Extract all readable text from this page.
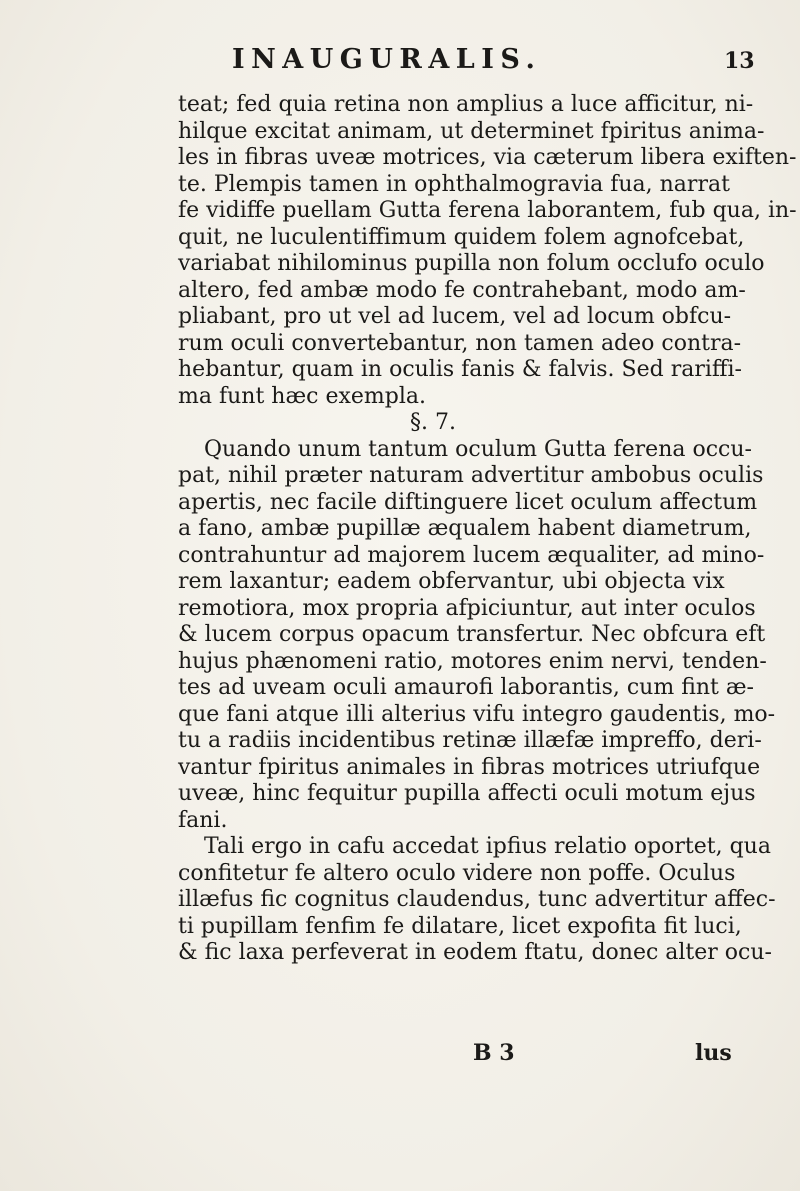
INAUGURALIS.	13
teat; fed quia retina non amplius a luce afficitur, ni-
hilque excitat animam, ut determinet fpiritus anima-
les in fibras uveæ motrices, via cæterum libera exiften-
te. Plempis tamen in ophthalmogravia fua, narrat
fe vidiffe puellam Gutta ferena laborantem, fub qua, in-
quit, ne luculentiffimum quidem folem agnofcebat,
variabat nihilominus pupilla non folum occlufo oculo
altero, fed ambæ modo fe contrahebant, modo am-
pliabant, pro ut vel ad lucem, vel ad locum obfcu-
rum oculi convertebantur, non tamen adeo contra-
hebantur, quam in oculis fanis & falvis. Sed rariffi-
ma funt hæc exempla.
§. 7.
Quando unum tantum oculum Gutta ferena occu-
pat, nihil præter naturam advertitur ambobus oculis
apertis, nec facile diftinguere licet oculum affectum
a fano, ambæ pupillæ æqualem habent diametrum,
contrahuntur ad majorem lucem æqualiter, ad mino-
rem laxantur; eadem obfervantur, ubi objecta vix
remotiora, mox propria afpiciuntur, aut inter oculos
& lucem corpus opacum transfertur. Nec obfcura eft
hujus phænomeni ratio, motores enim nervi, tenden-
tes ad uveam oculi amaurofi laborantis, cum fint æ-
que fani atque illi alterius vifu integro gaudentis, mo-
tu a radiis incidentibus retinæ illæfæ impreffo, deri-
vantur fpiritus animales in fibras motrices utriufque
uveæ, hinc fequitur pupilla affecti oculi motum ejus
fani.
Tali ergo in cafu accedat ipfius relatio oportet, qua
confitetur fe altero oculo videre non poffe. Oculus
illæfus fic cognitus claudendus, tunc advertitur affec-
ti pupillam fenfim fe dilatare, licet expofita fit luci,
& fic laxa perfeverat in eodem ftatu, donec alter ocu-
B 3	lus
